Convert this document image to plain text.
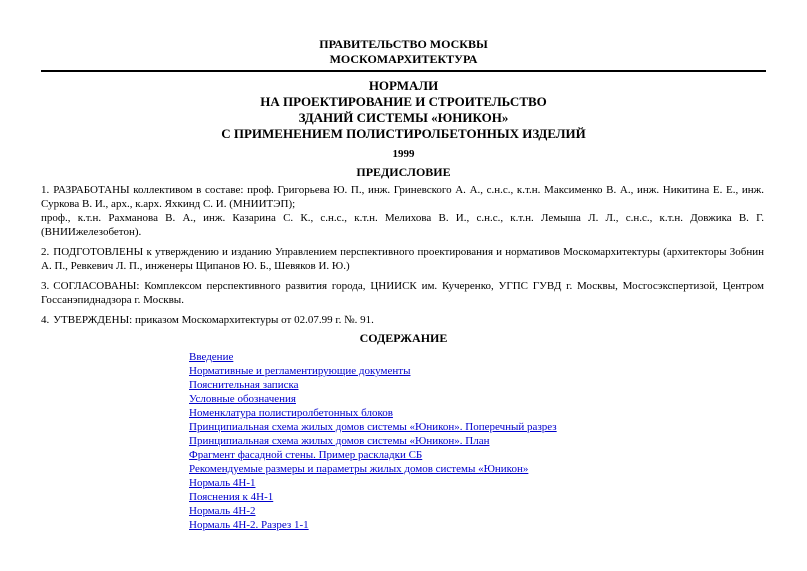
ПРАВИТЕЛЬСТВО МОСКВЫ
МОСКОМАРХИТЕКТУРА
НОРМАЛИ
НА ПРОЕКТИРОВАНИЕ И СТРОИТЕЛЬСТВО
ЗДАНИЙ СИСТЕМЫ «ЮНИКОН»
С ПРИМЕНЕНИЕМ ПОЛИСТИРОЛБЕТОННЫХ ИЗДЕЛИЙ
1999
ПРЕДИСЛОВИЕ

1. РАЗРАБОТАНЫ коллективом в составе: проф. Григорьева Ю. П., инж. Гриневского А. А., с.н.с., к.т.н. Максименко В. А., инж. Никитина Е. Е., инж. Суркова В. И., арх., к.арх. Яхкинд С. И. (МНИИТЭП);

проф., к.т.н. Рахманова В. А., инж. Казарина С. К., с.н.с., к.т.н. Мелихова В. И., с.н.с., к.т.н. Лемыша Л. Л., с.н.с., к.т.н. Довжика В. Г. (ВНИИжелезобетон).

2. ПОДГОТОВЛЕНЫ к утверждению и изданию Управлением перспективного проектирования и нормативов Москомархитектуры (архитекторы Зобнин А. П., Ревкевич Л. П., инженеры Щипанов Ю. Б., Шевяков И. Ю.)

3. СОГЛАСОВАНЫ: Комплексом перспективного развития города, ЦНИИСК им. Кучеренко, УГПС ГУВД г. Москвы, Мосгосэкспертизой, Центром Госсанэпиднадзора г. Москвы.

4. УТВЕРЖДЕНЫ: приказом Москомархитектуры от 02.07.99 г. №. 91.

СОДЕРЖАНИЕ
Введение
Нормативные и регламентирующие документы
Пояснительная записка
Условные обозначения
Номенклатура полистиролбетонных блоков
Принципиальная схема жилых домов системы «Юникон». Поперечный разрез
Принципиальная схема жилых домов системы «Юникон». План
Фрагмент фасадной стены. Пример раскладки СБ
Рекомендуемые размеры и параметры жилых домов системы «Юникон»
Нормаль 4Н-1
Пояснения к 4Н-1
Нормаль 4Н-2
Нормаль 4Н-2. Разрез 1-1
